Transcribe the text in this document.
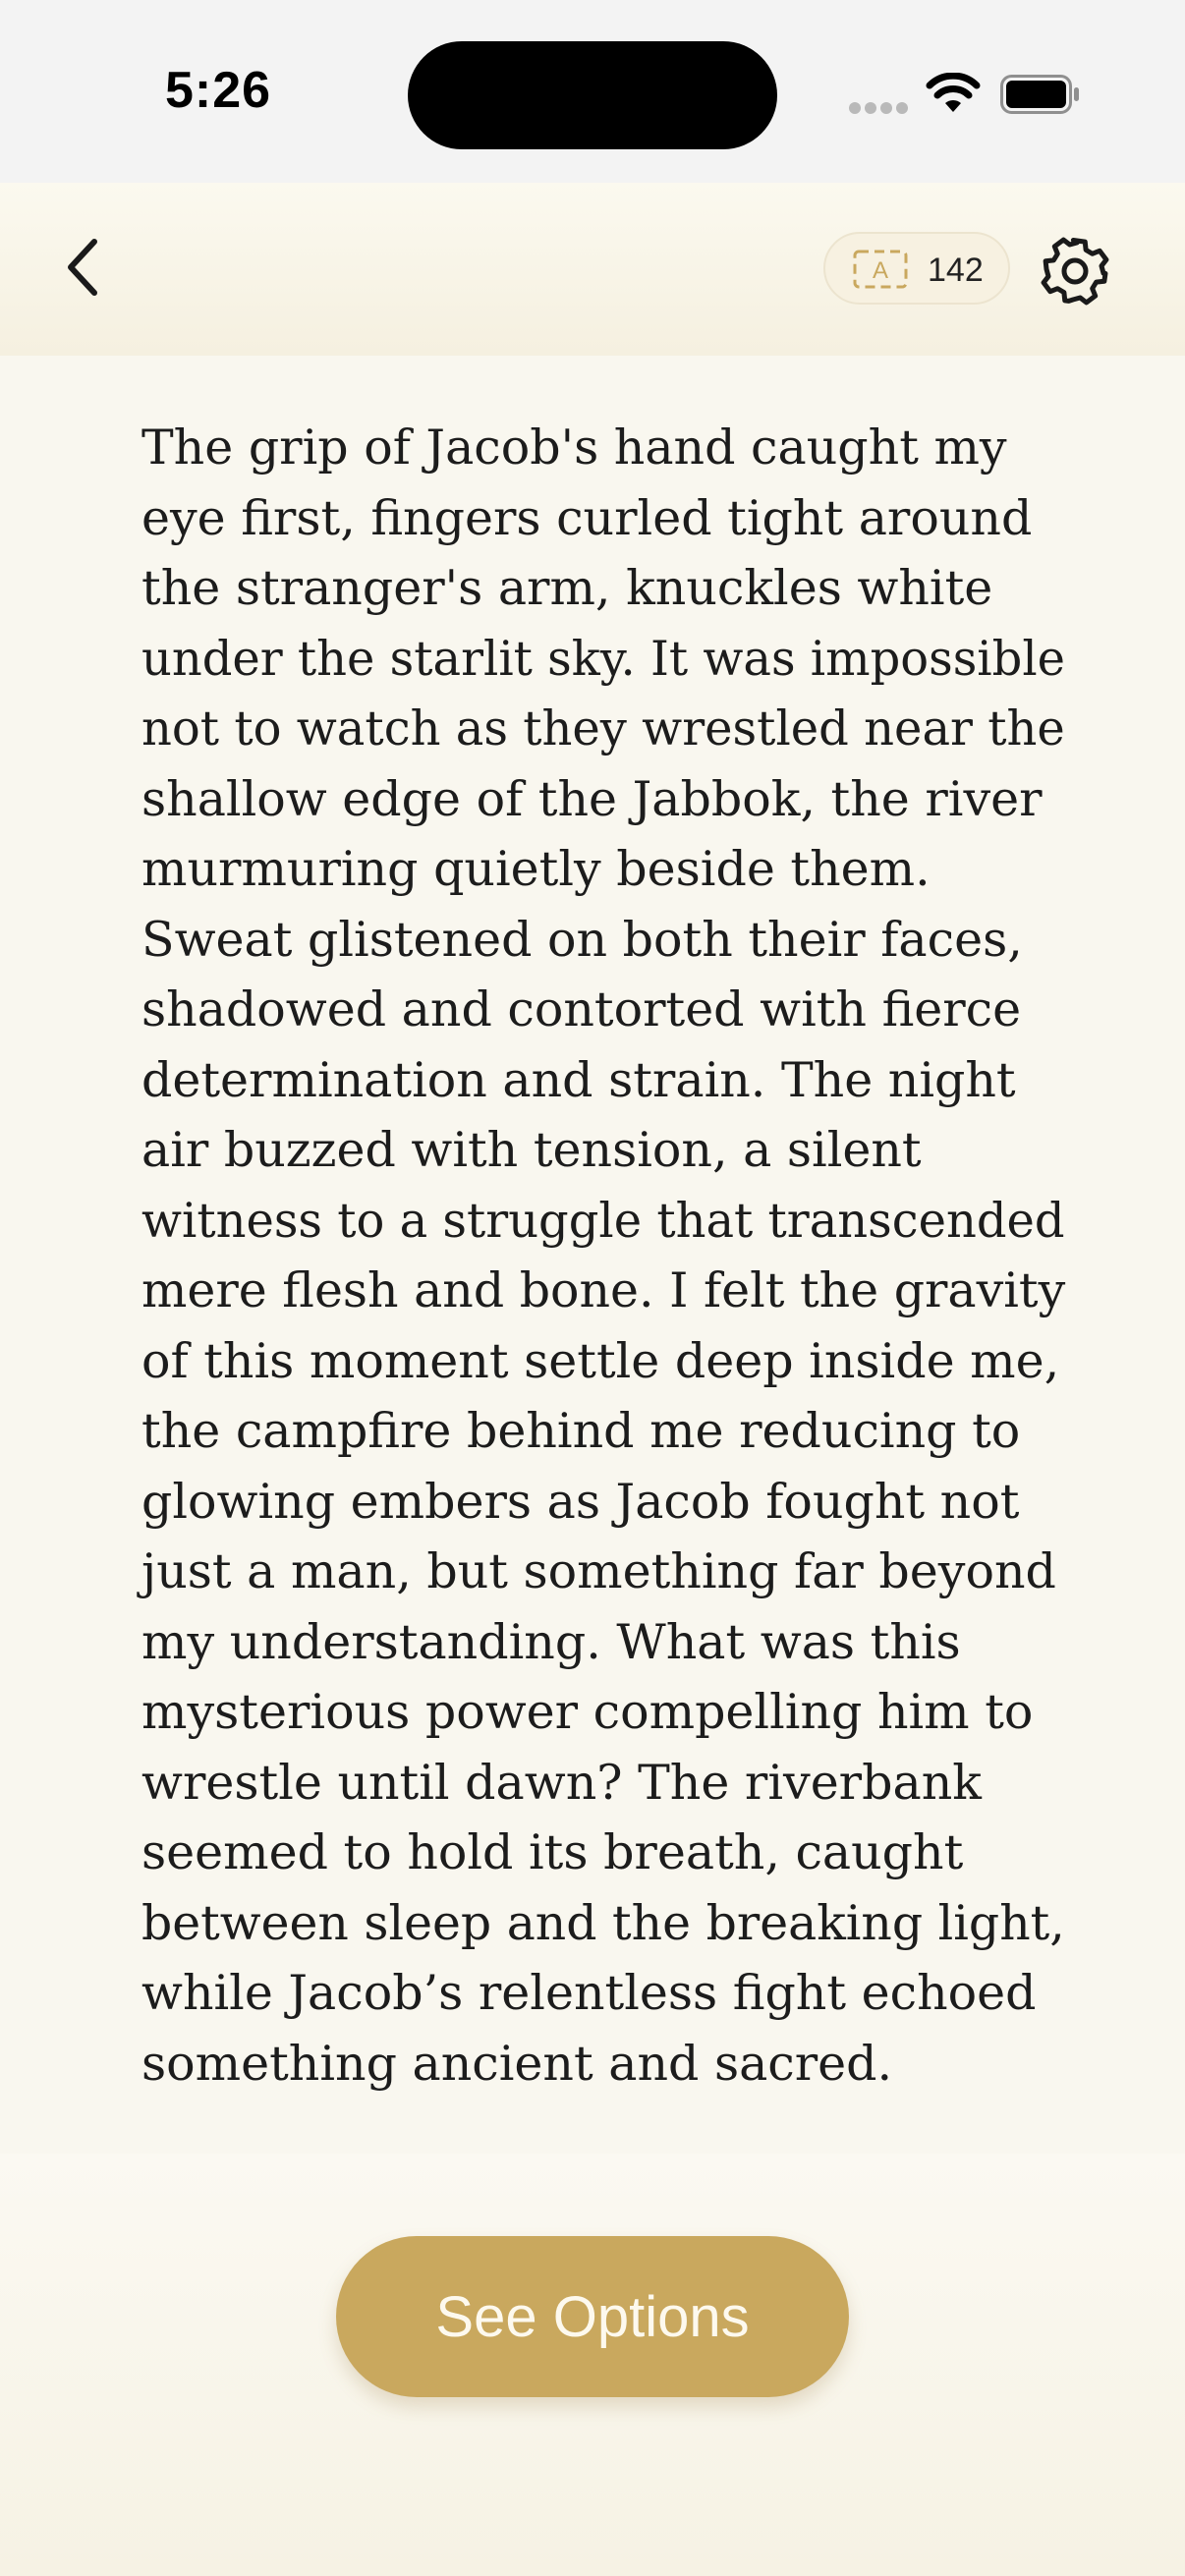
5:26
A 142

The grip of Jacob's hand caught my
eye first, fingers curled tight around
the stranger's arm, knuckles white
under the starlit sky. It was impossible
not to watch as they wrestled near the
shallow edge of the Jabbok, the river
murmuring quietly beside them.
Sweat glistened on both their faces,
shadowed and contorted with fierce
determination and strain. The night
air buzzed with tension, a silent
witness to a struggle that transcended
mere flesh and bone. I felt the gravity
of this moment settle deep inside me,
the campfire behind me reducing to
glowing embers as Jacob fought not
just a man, but something far beyond
my understanding. What was this
mysterious power compelling him to
wrestle until dawn? The riverbank
seemed to hold its breath, caught
between sleep and the breaking light,
while Jacob’s relentless fight echoed
something ancient and sacred.

See Options
